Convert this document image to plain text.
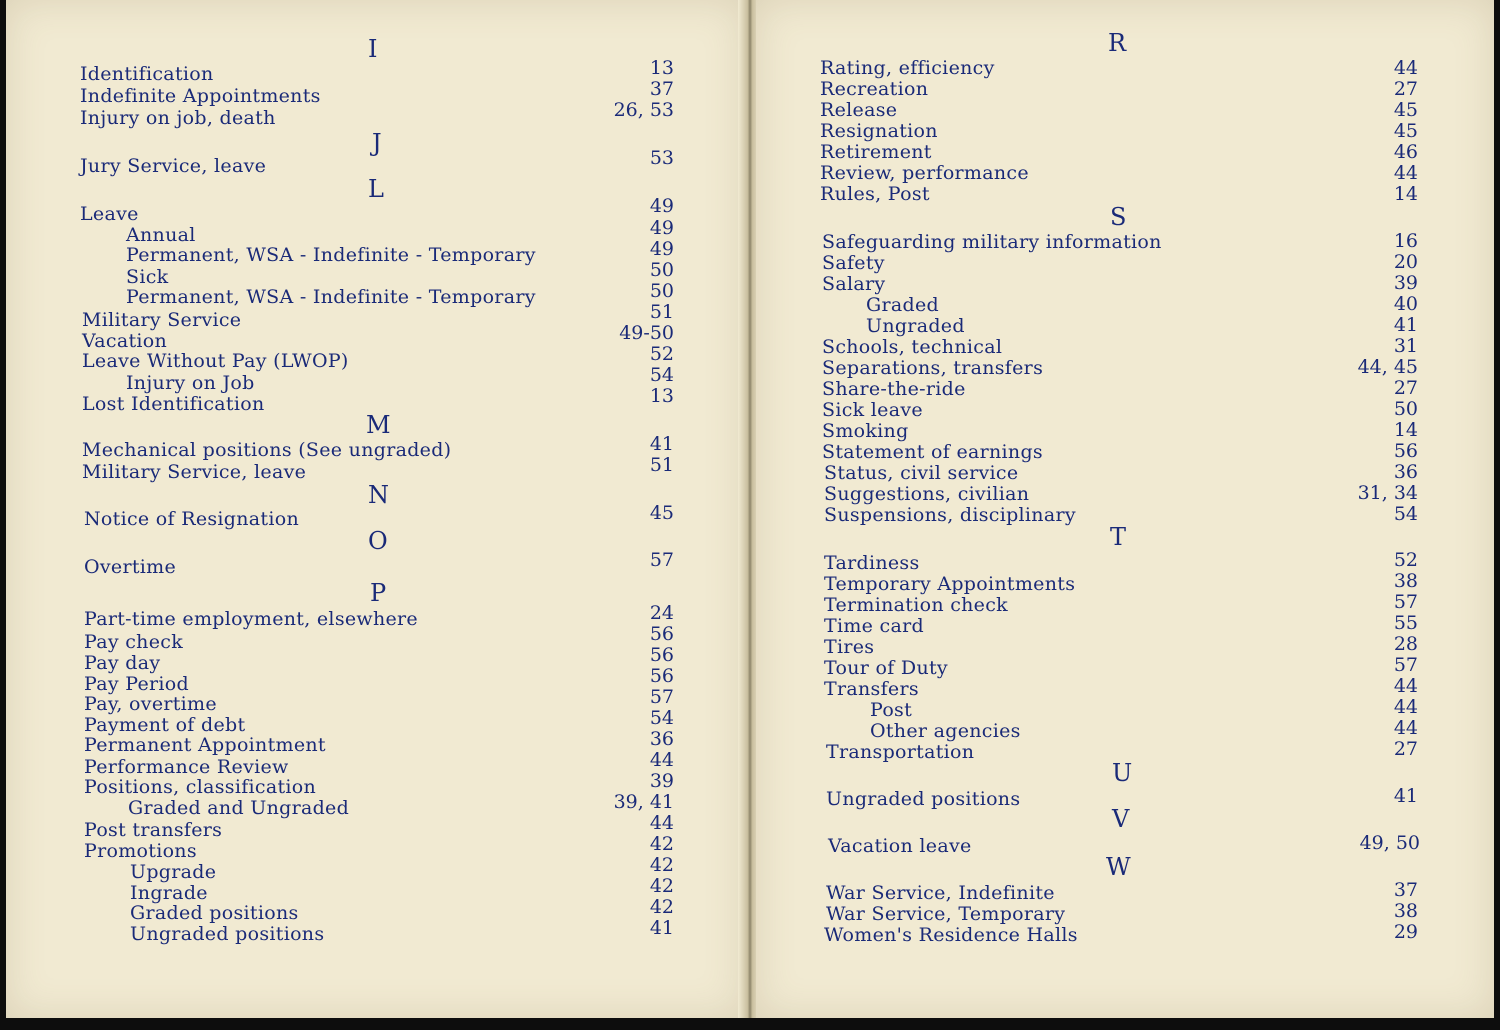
I
J
L
M
N
O
P
Identification	13
Indefinite Appointments	37
Injury on job, death	26, 53
Jury Service, leave	53
Leave	49
Annual	49
Permanent, WSA - Indefinite - Temporary	49
Sick	50
Permanent, WSA - Indefinite - Temporary	50
Military Service	51
Vacation	49-50
Leave Without Pay (LWOP)	52
Injury on Job	54
Lost Identification	13
Mechanical positions (See ungraded)	41
Military Service, leave	51
Notice of Resignation	45
Overtime	57
Part-time employment, elsewhere	24
Pay check	56
Pay day	56
Pay Period	56
Pay, overtime	57
Payment of debt	54
Permanent Appointment	36
Performance Review	44
Positions, classification	39
Graded and Ungraded	39, 41
Post transfers	44
Promotions	42
Upgrade	42
Ingrade	42
Graded positions	42
Ungraded positions	41
R
S
T
U
V
W
Rating, efficiency	44
Recreation	27
Release	45
Resignation	45
Retirement	46
Review, performance	44
Rules, Post	14
Safeguarding military information	16
Safety	20
Salary	39
Graded	40
Ungraded	41
Schools, technical	31
Separations, transfers	44, 45
Share-the-ride	27
Sick leave	50
Smoking	14
Statement of earnings	56
Status, civil service	36
Suggestions, civilian	31, 34
Suspensions, disciplinary	54
Tardiness	52
Temporary Appointments	38
Termination check	57
Time card	55
Tires	28
Tour of Duty	57
Transfers	44
Post	44
Other agencies	44
Transportation	27
Ungraded positions	41
Vacation leave	49, 50
War Service, Indefinite	37
War Service, Temporary	38
Women's Residence Halls	29
